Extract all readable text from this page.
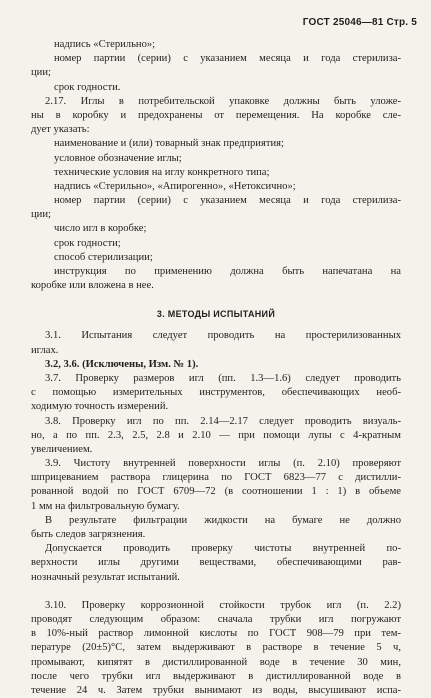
ГОСТ 25046—81 Стр. 5
надпись «Стерильно»;
номер партии (серии) с указанием месяца и года стерилиза-
ции;
срок годности.
2.17. Иглы в потребительской упаковке должны быть уложе-
ны в коробку и предохранены от перемещения. На коробке сле-
дует указать:
наименование и (или) товарный знак предприятия;
условное обозначение иглы;
технические условия на иглу конкретного типа;
надпись «Стерильно», «Апирогенно», «Нетоксично»;
номер партии (серии) с указанием месяца и года стерилиза-
ции;
число игл в коробке;
срок годности;
способ стерилизации;
инструкция по применению должна быть напечатана на
коробке или вложена в нее.
3. МЕТОДЫ ИСПЫТАНИЙ
3.1. Испытания следует проводить на простерилизованных
иглах.
3.2, 3.6. (Исключены, Изм. № 1).
3.7. Проверку размеров игл (пп. 1.3—1.6) следует проводить
с помощью измерительных инструментов, обеспечивающих необ-
ходимую точность измерений.
3.8. Проверку игл по пп. 2.14—2.17 следует проводить визуаль-
но, а по пп. 2.3, 2.5, 2.8 и 2.10 — при помощи лупы с 4-кратным
увеличением.
3.9. Чистоту внутренней поверхности иглы (п. 2.10) проверяют
шприцеванием раствора глицерина по ГОСТ 6823—77 с дистилли-
рованной водой по ГОСТ 6709—72 (в соотношении 1 : 1) в объеме
1 мм на фильтровальную бумагу.
В результате фильтрации жидкости на бумаге не должно
быть следов загрязнения.
Допускается проводить проверку чистоты внутренней по-
верхности иглы другими веществами, обеспечивающими рав-
нозначный результат испытаний.
3.10. Проверку коррозионной стойкости трубок игл (п. 2.2)
проводят следующим образом: сначала трубки игл погружают
в 10%-ный раствор лимонной кислоты по ГОСТ 908—79 при тем-
пературе (20±5)°С, затем выдерживают в растворе в течение 5 ч,
промывают, кипятят в дистиллированной воде в течение 30 мин,
после чего трубки игл выдерживают в дистиллированной воде в
течение 24 ч. Затем трубки вынимают из воды, высушивают испа-
